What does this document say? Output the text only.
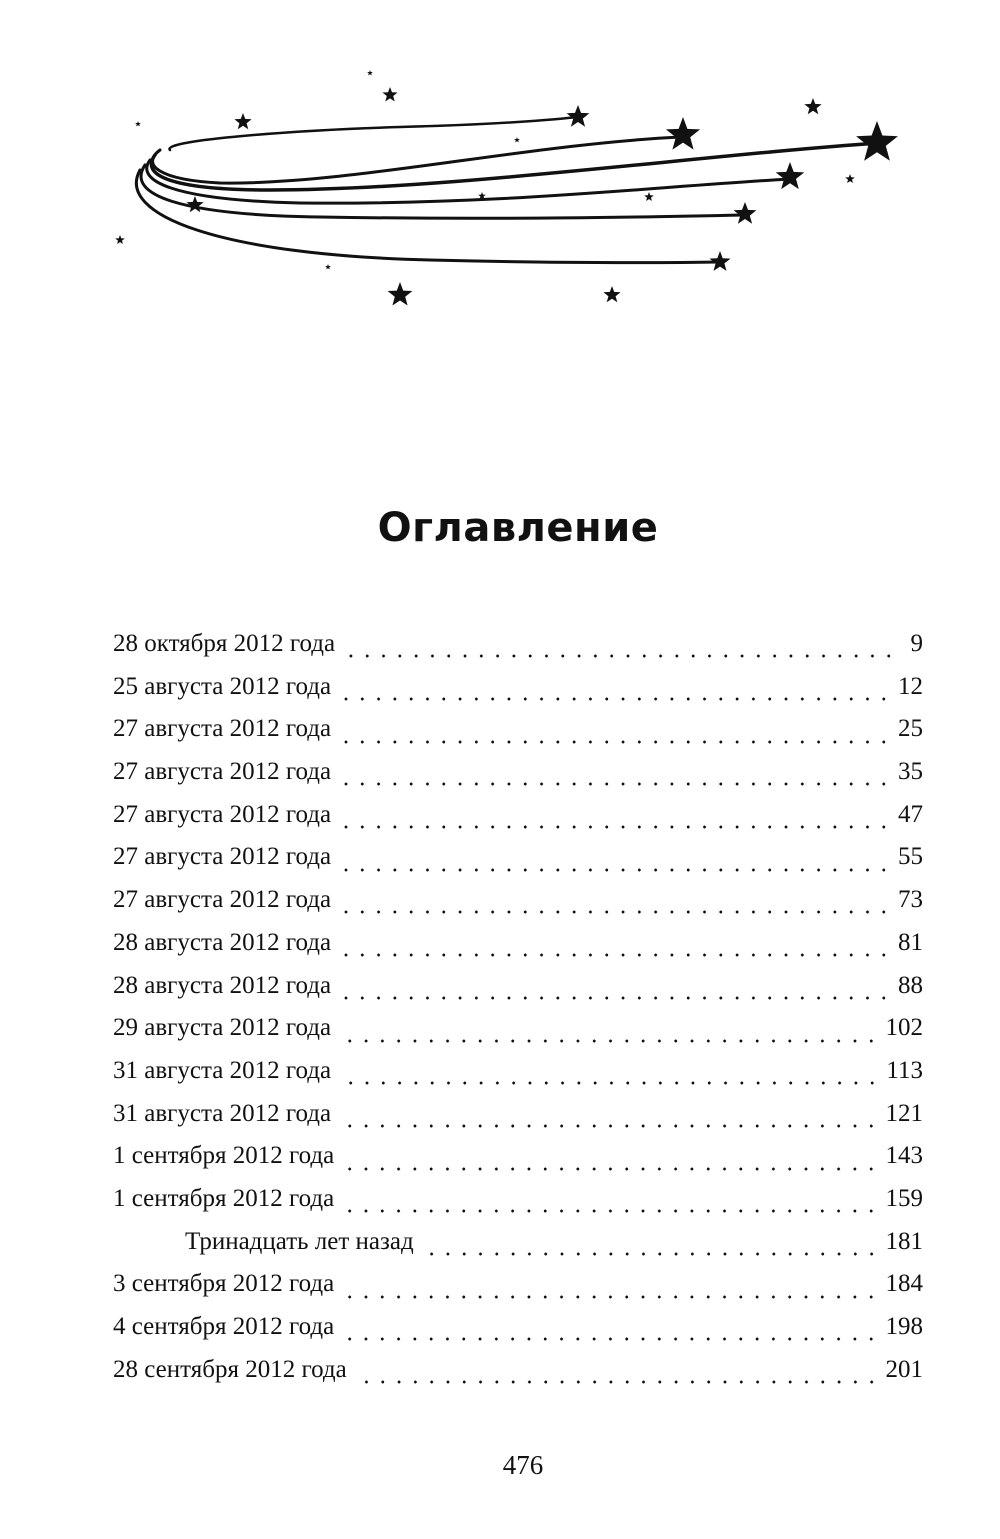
Оглавление
28 октября 2012 года	9
25 августа 2012 года	12
27 августа 2012 года	25
27 августа 2012 года	35
27 августа 2012 года	47
27 августа 2012 года	55
27 августа 2012 года	73
28 августа 2012 года	81
28 августа 2012 года	88
29 августа 2012 года	102
31 августа 2012 года	113
31 августа 2012 года	121
1 сентября 2012 года	143
1 сентября 2012 года	159
Тринадцать лет назад	181
3 сентября 2012 года	184
4 сентября 2012 года	198
28 сентября 2012 года	201
476
